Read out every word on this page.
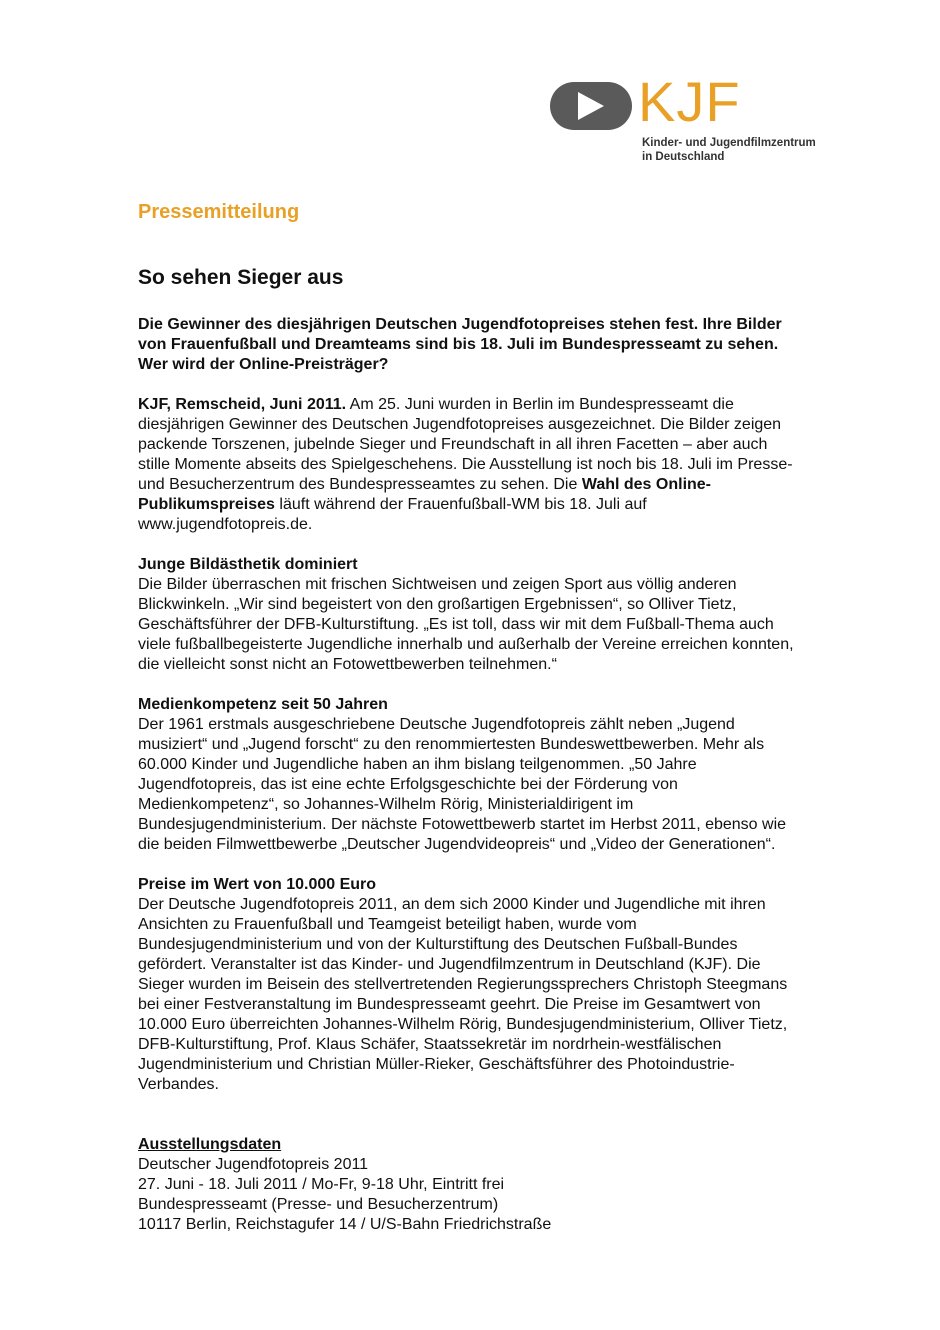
KJF
Kinder- und Jugendfilmzentrum
in Deutschland
Pressemitteilung
So sehen Sieger aus

Die Gewinner des diesjährigen Deutschen Jugendfotopreises stehen fest. Ihre Bilder von Frauenfußball und Dreamteams sind bis 18. Juli im Bundespresseamt zu sehen. Wer wird der Online-Preisträger?

KJF, Remscheid, Juni 2011. Am 25. Juni wurden in Berlin im Bundespresseamt die diesjährigen Gewinner des Deutschen Jugendfotopreises ausgezeichnet. Die Bilder zeigen packende Torszenen, jubelnde Sieger und Freundschaft in all ihren Facetten – aber auch stille Momente abseits des Spielgeschehens. Die Ausstellung ist noch bis 18. Juli im Presse- und Besucherzentrum des Bundespresseamtes zu sehen. Die Wahl des Online-Publikumspreises läuft während der Frauenfußball-WM bis 18. Juli auf www.jugendfotopreis.de.

Junge Bildästhetik dominiert

Die Bilder überraschen mit frischen Sichtweisen und zeigen Sport aus völlig anderen Blickwinkeln. „Wir sind begeistert von den großartigen Ergebnissen“, so Olliver Tietz, Geschäftsführer der DFB-Kulturstiftung. „Es ist toll, dass wir mit dem Fußball-Thema auch viele fußballbegeisterte Jugendliche innerhalb und außerhalb der Vereine erreichen konnten, die vielleicht sonst nicht an Fotowettbewerben teilnehmen.“

Medienkompetenz seit 50 Jahren

Der 1961 erstmals ausgeschriebene Deutsche Jugendfotopreis zählt neben „Jugend musiziert“ und „Jugend forscht“ zu den renommiertesten Bundeswettbewerben. Mehr als 60.000 Kinder und Jugendliche haben an ihm bislang teilgenommen. „50 Jahre Jugendfotopreis, das ist eine echte Erfolgsgeschichte bei der Förderung von Medienkompetenz“, so Johannes-Wilhelm Rörig, Ministerialdirigent im Bundesjugendministerium. Der nächste Fotowettbewerb startet im Herbst 2011, ebenso wie die beiden Filmwettbewerbe „Deutscher Jugendvideopreis“ und „Video der Generationen“.

Preise im Wert von 10.000 Euro

Der Deutsche Jugendfotopreis 2011, an dem sich 2000 Kinder und Jugendliche mit ihren Ansichten zu Frauenfußball und Teamgeist beteiligt haben, wurde vom Bundesjugendministerium und von der Kulturstiftung des Deutschen Fußball-Bundes gefördert. Veranstalter ist das Kinder- und Jugendfilmzentrum in Deutschland (KJF). Die Sieger wurden im Beisein des stellvertretenden Regierungssprechers Christoph Steegmans bei einer Festveranstaltung im Bundespresseamt geehrt. Die Preise im Gesamtwert von 10.000 Euro überreichten Johannes-Wilhelm Rörig, Bundesjugendministerium, Olliver Tietz, DFB-Kulturstiftung, Prof. Klaus Schäfer, Staatssekretär im nordrhein-westfälischen Jugendministerium und Christian Müller-Rieker, Geschäftsführer des Photoindustrie-Verbandes.

Ausstellungsdaten

Deutscher Jugendfotopreis 2011

27. Juni - 18. Juli 2011 / Mo-Fr, 9-18 Uhr, Eintritt frei

Bundespresseamt (Presse- und Besucherzentrum)

10117 Berlin, Reichstagufer 14 / U/S-Bahn Friedrichstraße
